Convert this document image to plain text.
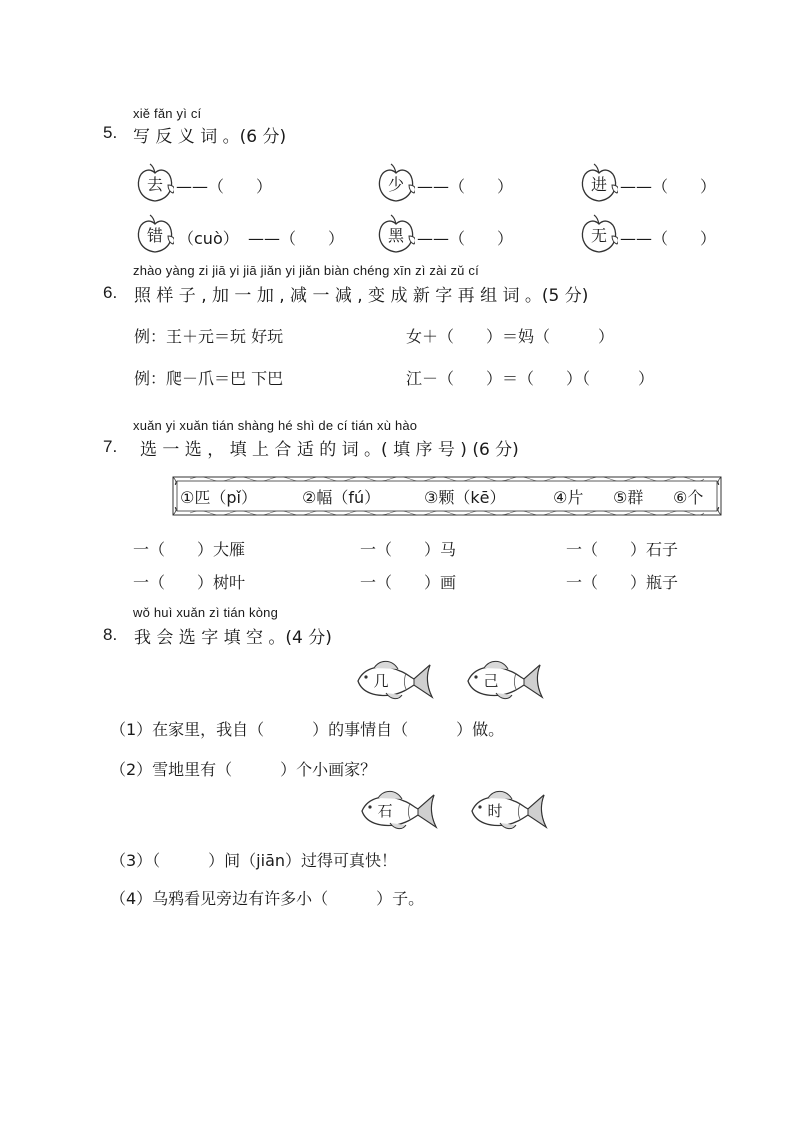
xiě fǎn yì cí
5. 写 反 义 词 。(6 分)
去 ——（　　）	少 ——（　　）	进 ——（　　）
错 （cuò） ——（　　）	黑 ——（　　）	无 ——（　　）
zhào yàng zi jiā yi jiā jiǎn yi jiǎn biàn chéng xīn zì zài zǔ cí
6. 照 样 子 , 加 一 加 , 减 一 减 , 变 成 新 字 再 组 词 。(5 分)
例：王＋元＝玩 好玩	女＋（　　）＝妈（　　　）
例：爬－爪＝巴 下巴	江－（　　）＝（　　）（　　　）
xuǎn yi xuǎn tián shàng hé shì de cí tián xù hào
7. 选 一 选 ， 填 上 合 适 的 词 。( 填 序 号 ) (6 分)
①匹（pǐ）	②幅（fú）	③颗（kē）	④片 ⑤群 ⑥个
一（　　）大雁	一（　　）马	一（　　）石子
一（　　）树叶	一（　　）画	一（　　）瓶子
wǒ huì xuǎn zì tián kòng
8. 我 会 选 字 填 空 。(4 分)
几	己
（1）在家里，我自（　　　）的事情自（　　　）做。
（2）雪地里有（　　　）个小画家？
石	时
（3）（　　　）间（jiān）过得可真快！
（4）乌鸦看见旁边有许多小（　　　）子。
